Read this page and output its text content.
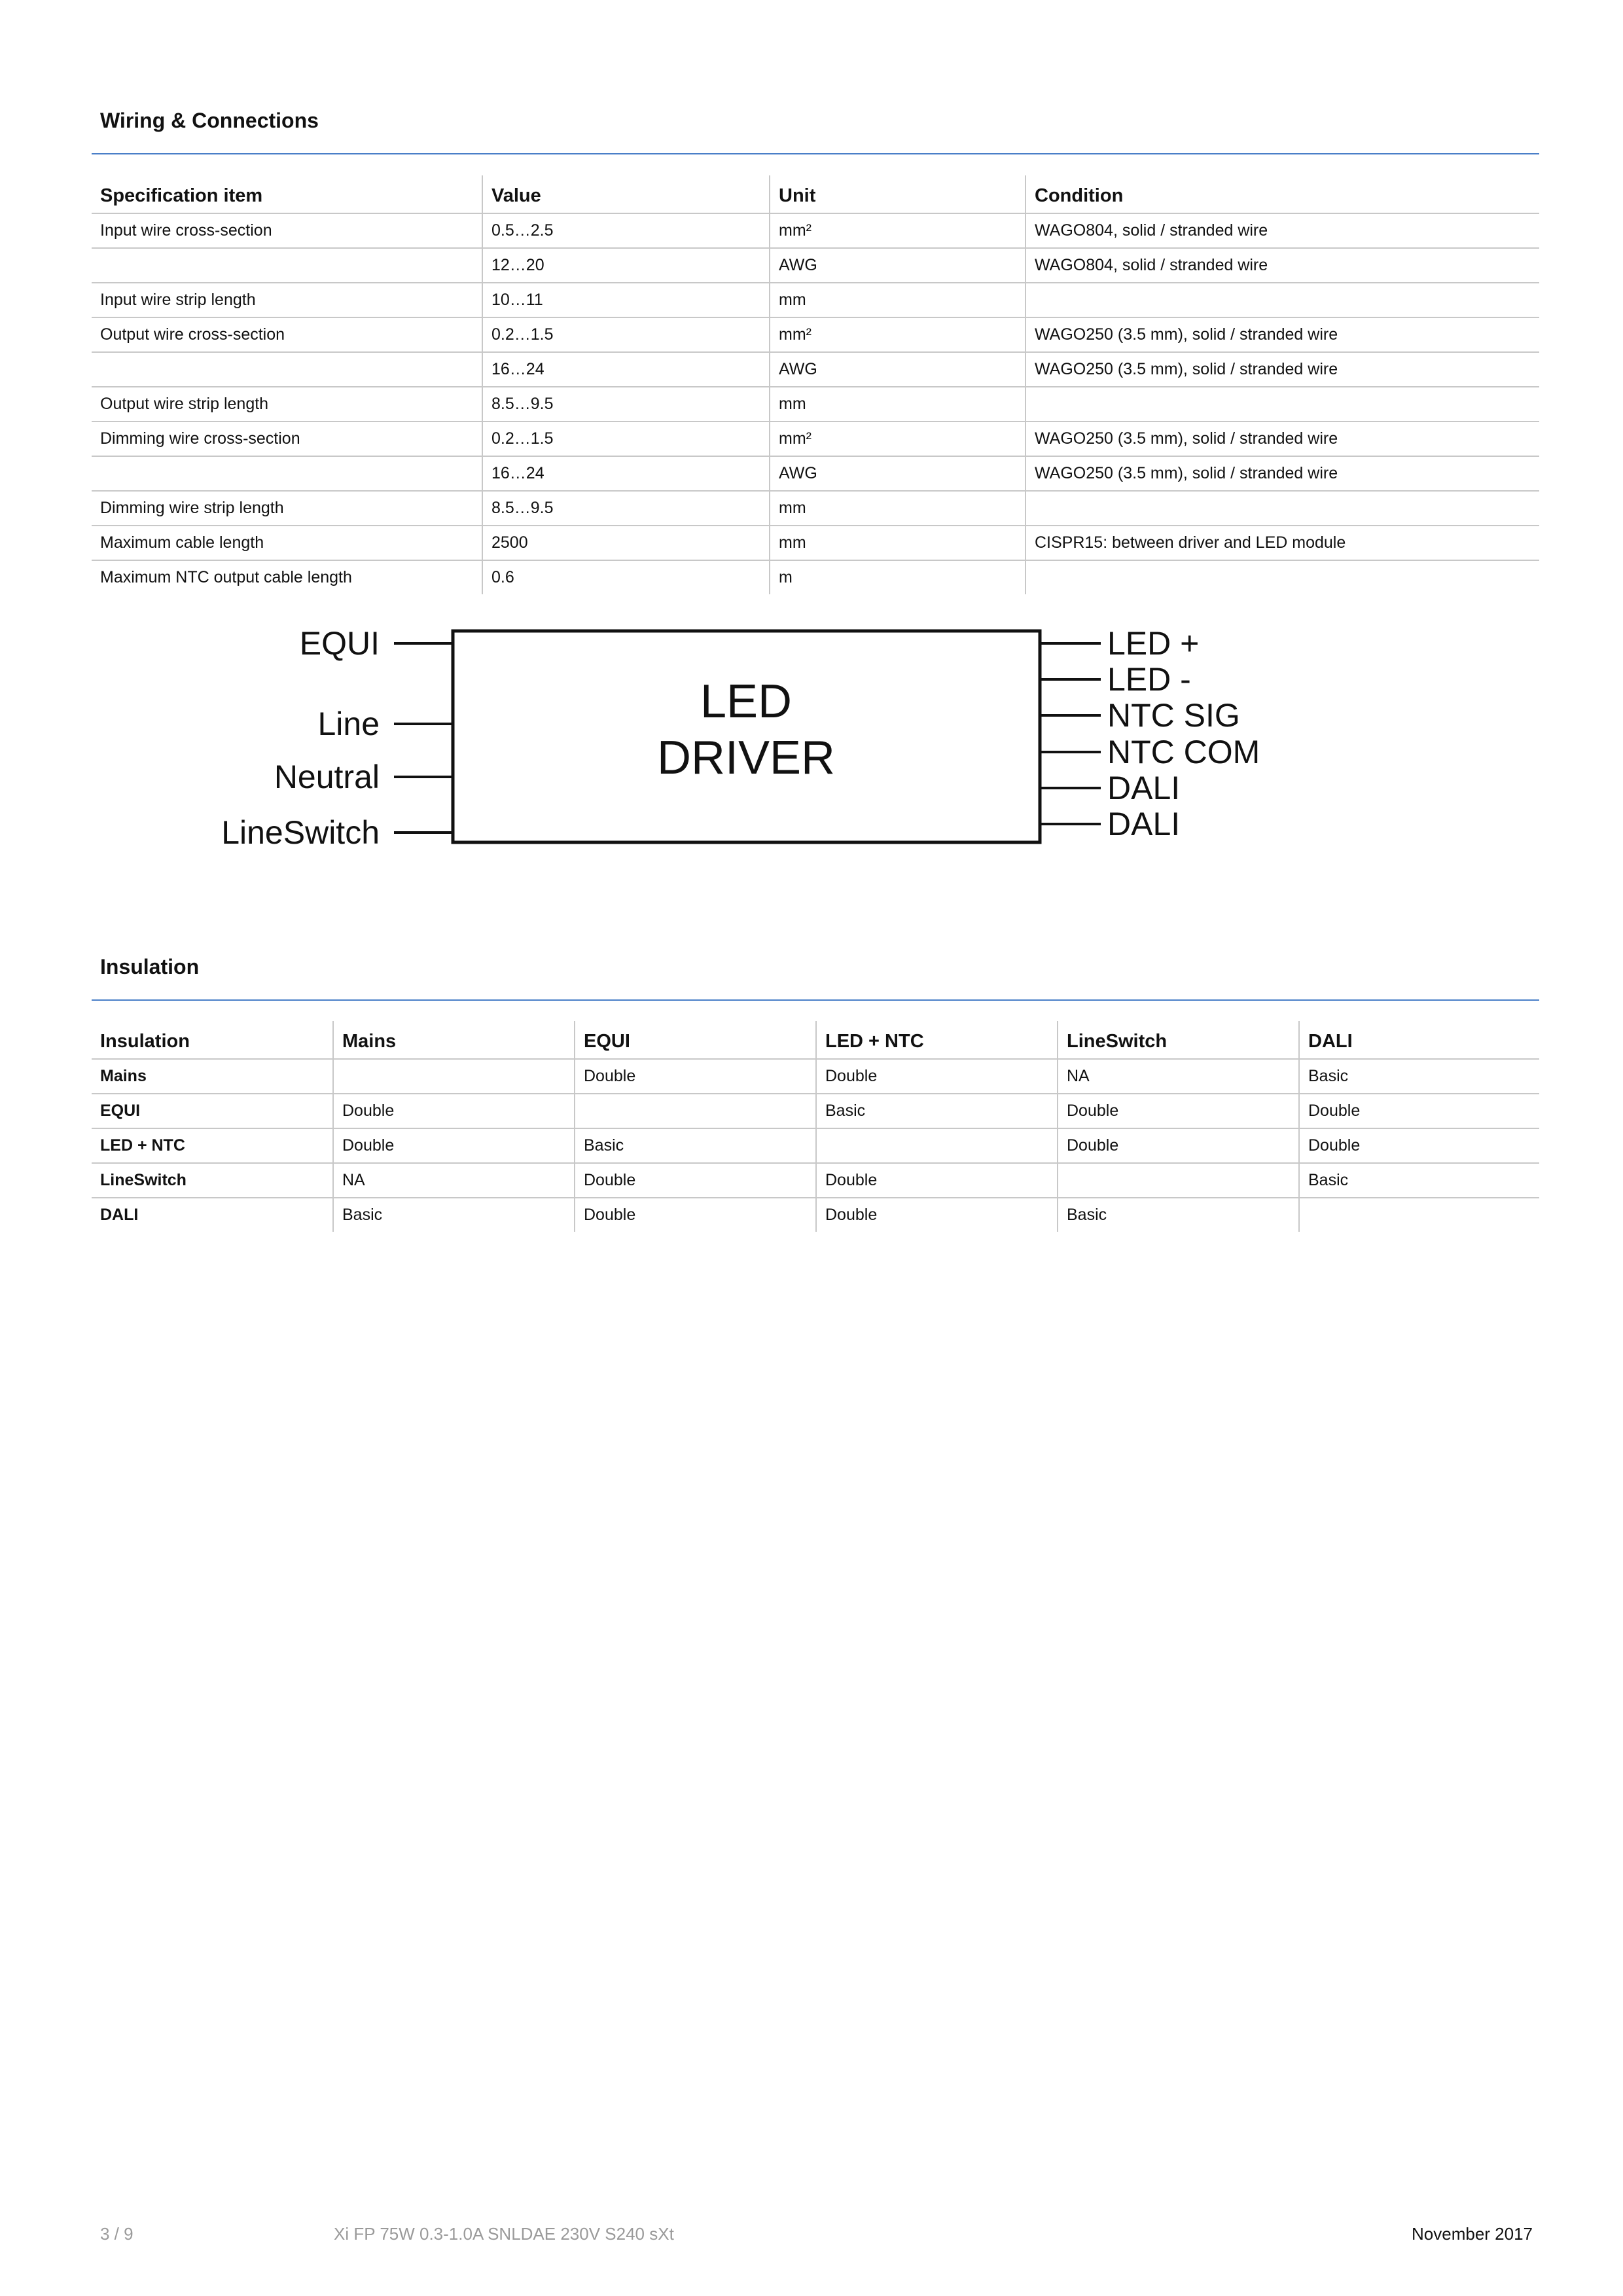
Wiring & Connections
Specification item	Value	Unit	Condition
Input wire cross-section	0.5…2.5	mm²	WAGO804, solid / stranded wire
	12…20	AWG	WAGO804, solid / stranded wire
Input wire strip length	10…11	mm	
Output wire cross-section	0.2…1.5	mm²	WAGO250 (3.5 mm), solid / stranded wire
	16…24	AWG	WAGO250 (3.5 mm), solid / stranded wire
Output wire strip length	8.5…9.5	mm	
Dimming wire cross-section	0.2…1.5	mm²	WAGO250 (3.5 mm), solid / stranded wire
	16…24	AWG	WAGO250 (3.5 mm), solid / stranded wire
Dimming wire strip length	8.5…9.5	mm	
Maximum cable length	2500	mm	CISPR15: between driver and LED module
Maximum NTC output cable length	0.6	m	
LED
DRIVER
EQUI
Line
Neutral
LineSwitch
LED +
LED -
NTC SIG
NTC COM
DALI
DALI
Insulation
Insulation	Mains	EQUI	LED + NTC	LineSwitch	DALI
Mains		Double	Double	NA	Basic
EQUI	Double		Basic	Double	Double
LED + NTC	Double	Basic		Double	Double
LineSwitch	NA	Double	Double		Basic
DALI	Basic	Double	Double	Basic	
3 / 9	Xi FP 75W 0.3-1.0A SNLDAE 230V S240 sXt	November 2017
